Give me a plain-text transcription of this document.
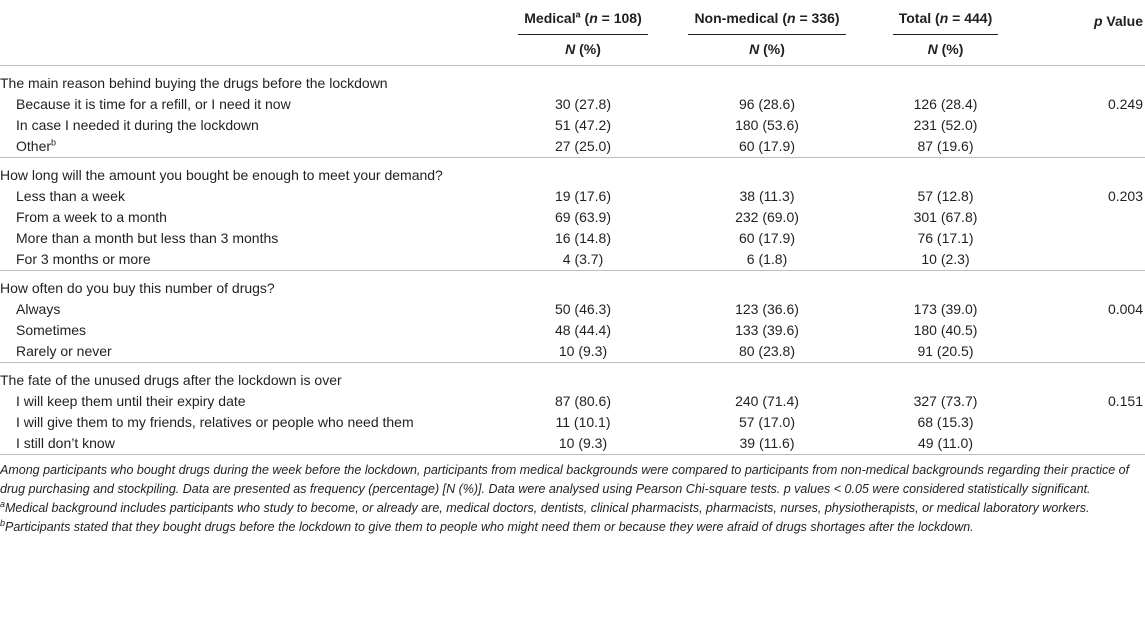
	Medical$^a$ (n = 108)	Non-medical (n = 336)	Total (n = 444)	p Value
	N (%)	N (%)	N (%)	
The main reason behind buying the drugs before the lockdown				
Because it is time for a refill, or I need it now	30 (27.8)	96 (28.6)	126 (28.4)	0.249
In case I needed it during the lockdown	51 (47.2)	180 (53.6)	231 (52.0)	
Other$^b$	27 (25.0)	60 (17.9)	87 (19.6)	
How long will the amount you bought be enough to meet your demand?				
Less than a week	19 (17.6)	38 (11.3)	57 (12.8)	0.203
From a week to a month	69 (63.9)	232 (69.0)	301 (67.8)	
More than a month but less than 3 months	16 (14.8)	60 (17.9)	76 (17.1)	
For 3 months or more	4 (3.7)	6 (1.8)	10 (2.3)	
How often do you buy this number of drugs?				
Always	50 (46.3)	123 (36.6)	173 (39.0)	0.004
Sometimes	48 (44.4)	133 (39.6)	180 (40.5)	
Rarely or never	10 (9.3)	80 (23.8)	91 (20.5)	
The fate of the unused drugs after the lockdown is over				
I will keep them until their expiry date	87 (80.6)	240 (71.4)	327 (73.7)	0.151
I will give them to my friends, relatives or people who need them	11 (10.1)	57 (17.0)	68 (15.3)	
I still don’t know	10 (9.3)	39 (11.6)	49 (11.0)	

Among participants who bought drugs during the week before the lockdown, participants from medical backgrounds were compared to participants from non-medical backgrounds regarding their practice of drug purchasing and stockpiling. Data are presented as frequency (percentage) [N (%)]. Data were analysed using Pearson Chi-square tests. p values < 0.05 were considered statistically significant.

$^a$Medical background includes participants who study to become, or already are, medical doctors, dentists, clinical pharmacists, pharmacists, nurses, physiotherapists, or medical laboratory workers.

$^b$Participants stated that they bought drugs before the lockdown to give them to people who might need them or because they were afraid of drugs shortages after the lockdown.
